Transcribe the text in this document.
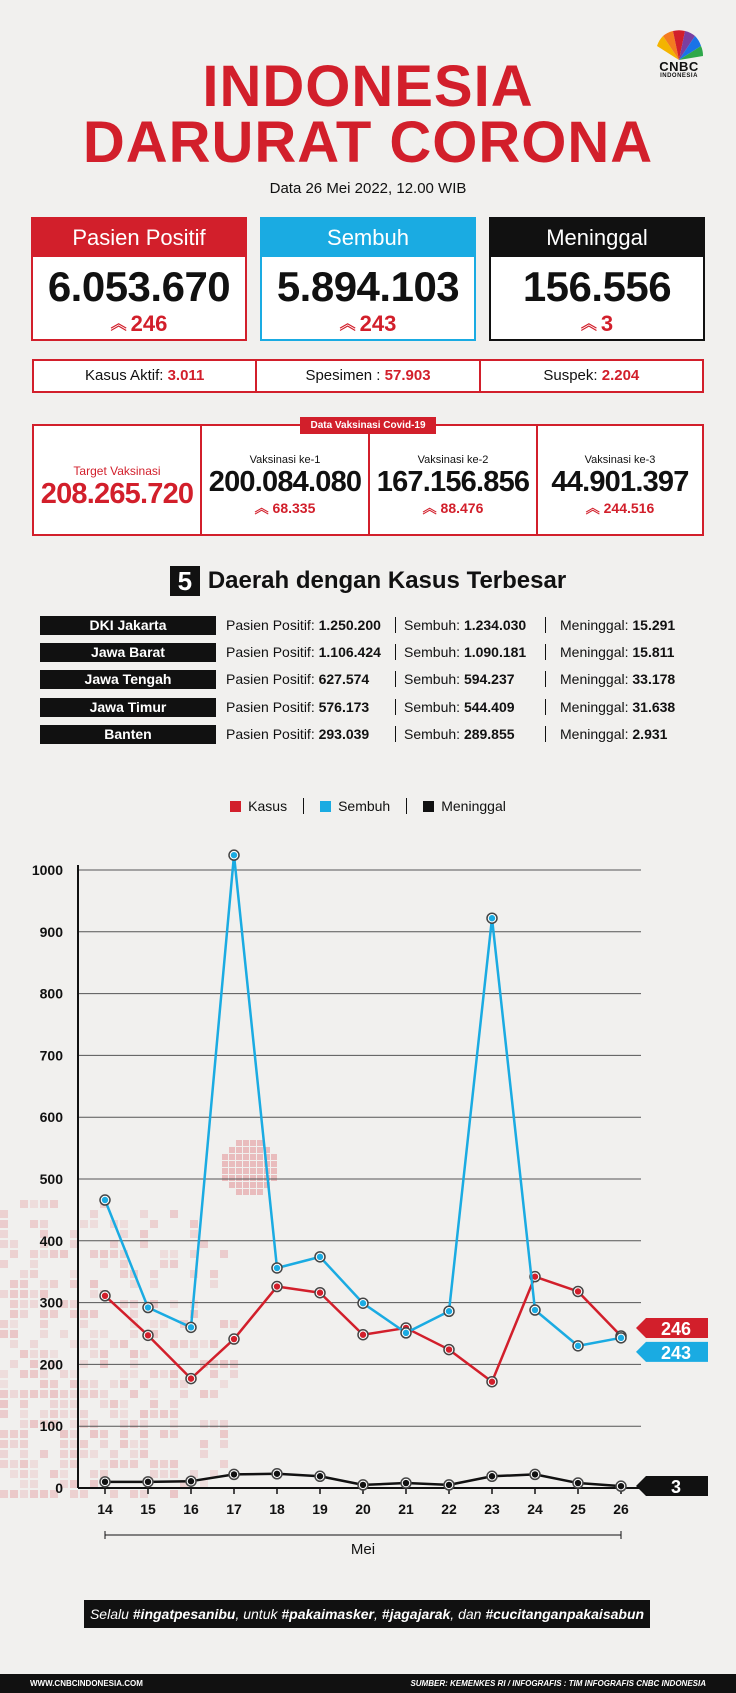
CNBC
INDONESIA
INDONESIA
DARURAT CORONA
Data 26 Mei 2022, 12.00 WIB
Pasien Positif
6.053.670
︽ 246
Sembuh
5.894.103
︽ 243
Meninggal
156.556
︽ 3
Kasus Aktif: 3.011	Spesimen : 57.903	Suspek: 2.204
Target Vaksinasi
208.265.720
Vaksinasi ke-1
200.084.080
︽ 68.335
Vaksinasi ke-2
167.156.856
︽ 88.476
Vaksinasi ke-3
44.901.397
︽ 244.516
Data Vaksinasi Covid-19
5 Daerah dengan Kasus Terbesar
DKI Jakarta	Pasien Positif: 1.250.200	Sembuh: 1.234.030	Meninggal: 15.291
Jawa Barat	Pasien Positif: 1.106.424	Sembuh: 1.090.181	Meninggal: 15.811
Jawa Tengah	Pasien Positif: 627.574	Sembuh: 594.237	Meninggal: 33.178
Jawa Timur	Pasien Positif: 576.173	Sembuh: 544.409	Meninggal: 31.638
Banten	Pasien Positif: 293.039	Sembuh: 289.855	Meninggal: 2.931
Kasus	Sembuh	Meninggal
0
100
200
300
400
500
600
700
800
900
1000
14 15 16 17 18 19 20 21 22 23 24 25 26
Mei
246
243
3
Selalu #ingatpesanibu, untuk #pakaimasker, #jagajarak, dan #cucitanganpakaisabun
WWW.CNBCINDONESIA.COM	SUMBER: KEMENKES RI / INFOGRAFIS : TIM INFOGRAFIS CNBC INDONESIA
